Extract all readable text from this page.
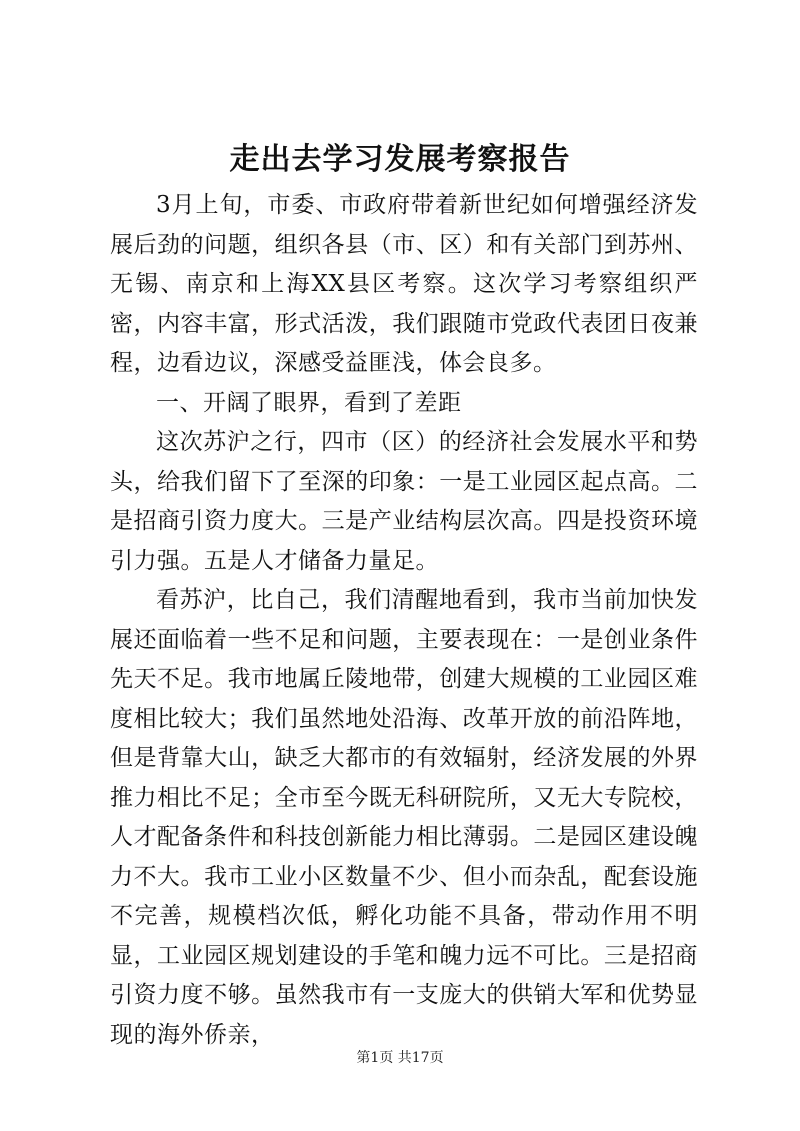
走出去学习发展考察报告

3月上旬，市委、市政府带着新世纪如何增强经济发展后劲的问题，组织各县（市、区）和有关部门到苏州、无锡、南京和上海XX县区考察。这次学习考察组织严密，内容丰富，形式活泼，我们跟随市党政代表团日夜兼程，边看边议，深感受益匪浅，体会良多。

一、开阔了眼界，看到了差距

这次苏沪之行，四市（区）的经济社会发展水平和势头，给我们留下了至深的印象：一是工业园区起点高。二是招商引资力度大。三是产业结构层次高。四是投资环境引力强。五是人才储备力量足。

看苏沪，比自己，我们清醒地看到，我市当前加快发展还面临着一些不足和问题，主要表现在：一是创业条件先天不足。我市地属丘陵地带，创建大规模的工业园区难度相比较大；我们虽然地处沿海、改革开放的前沿阵地，但是背靠大山，缺乏大都市的有效辐射，经济发展的外界推力相比不足；全市至今既无科研院所，又无大专院校，人才配备条件和科技创新能力相比薄弱。二是园区建设魄力不大。我市工业小区数量不少、但小而杂乱，配套设施不完善，规模档次低，孵化功能不具备，带动作用不明显，工业园区规划建设的手笔和魄力远不可比。三是招商引资力度不够。虽然我市有一支庞大的供销大军和优势显现的海外侨亲，

第1页 共17页
